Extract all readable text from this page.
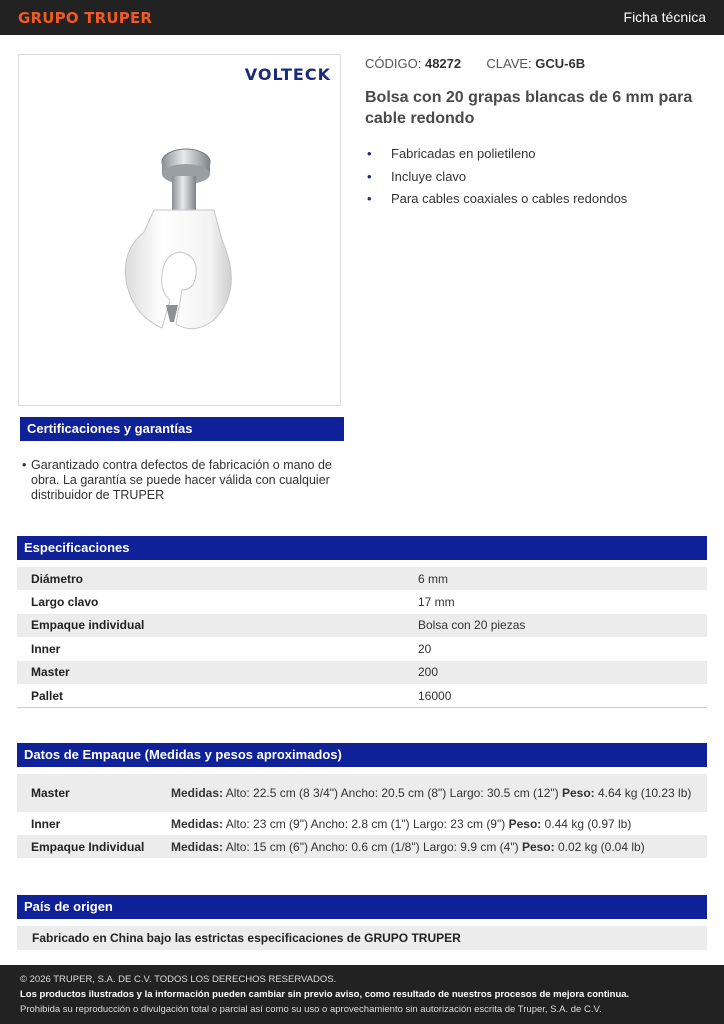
GRUPO TRUPER	Ficha técnica
VOLTECK
CÓDIGO: 48272 CLAVE: GCU-6B
Bolsa con 20 grapas blancas de 6 mm para cable redondo
• Fabricadas en polietileno
• Incluye clavo
• Para cables coaxiales o cables redondos
Certificaciones y garantías
• Garantizado contra defectos de fabricación o mano de obra. La garantía se puede hacer válida con cualquier distribuidor de TRUPER
Especificaciones
Diámetro	6 mm
Largo clavo	17 mm
Empaque individual	Bolsa con 20 piezas
Inner	20
Master	200
Pallet	16000
Datos de Empaque (Medidas y pesos aproximados)
Master	Medidas: Alto: 22.5 cm (8 3/4") Ancho: 20.5 cm (8") Largo: 30.5 cm (12") Peso: 4.64 kg (10.23 lb)
Inner	Medidas: Alto: 23 cm (9") Ancho: 2.8 cm (1") Largo: 23 cm (9") Peso: 0.44 kg (0.97 lb)
Empaque Individual	Medidas: Alto: 15 cm (6") Ancho: 0.6 cm (1/8") Largo: 9.9 cm (4") Peso: 0.02 kg (0.04 lb)
País de origen
Fabricado en China bajo las estrictas especificaciones de GRUPO TRUPER
© 2026 TRUPER, S.A. DE C.V. TODOS LOS DERECHOS RESERVADOS.
Los productos ilustrados y la información pueden cambiar sin previo aviso, como resultado de nuestros procesos de mejora continua.
Prohibida su reproducción o divulgación total o parcial así como su uso o aprovechamiento sin autorización escrita de Truper, S.A. de C.V.
